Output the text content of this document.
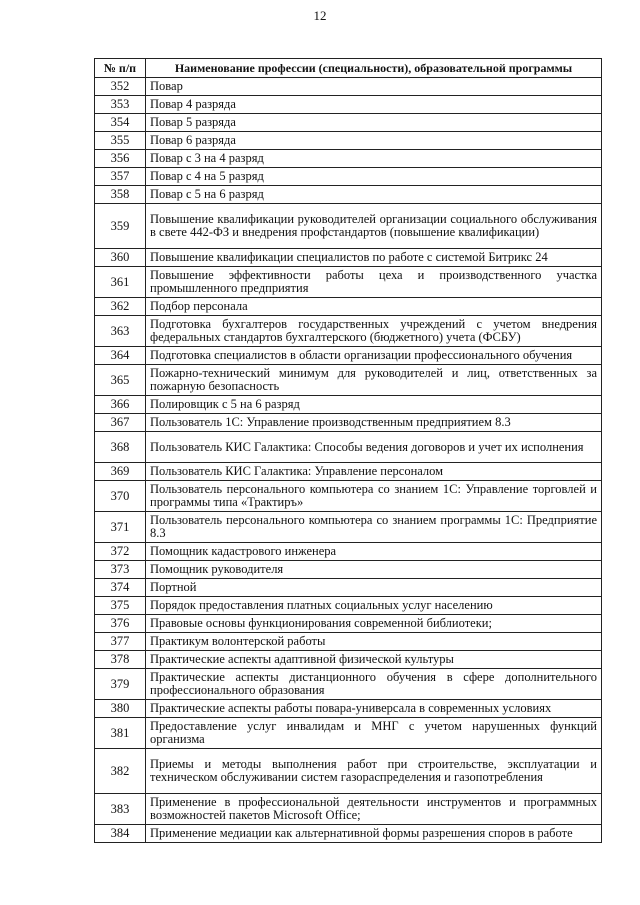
12
№ п/п	Наименование профессии (специальности), образовательной программы
352	Повар
353	Повар 4 разряда
354	Повар 5 разряда
355	Повар 6 разряда
356	Повар с 3 на 4 разряд
357	Повар с 4 на 5 разряд
358	Повар с 5 на 6 разряд
359	Повышение квалификации руководителей организации социального обслуживания в свете 442-ФЗ и внедрения профстандартов (повышение квалификации)
360	Повышение квалификации специалистов по работе с системой Битрикс 24
361	Повышение эффективности работы цеха и производственного участка промышленного предприятия
362	Подбор персонала
363	Подготовка бухгалтеров государственных учреждений с учетом внедрения федеральных стандартов бухгалтерского (бюджетного) учета (ФСБУ)
364	Подготовка специалистов в области организации профессионального обучения
365	Пожарно-технический минимум для руководителей и лиц, ответственных за пожарную безопасность
366	Полировщик с 5 на 6 разряд
367	Пользователь 1С: Управление производственным предприятием 8.3
368	Пользователь КИС Галактика: Способы ведения договоров и учет их исполнения
369	Пользователь КИС Галактика: Управление персоналом
370	Пользователь персонального компьютера со знанием 1С: Управление торговлей и программы типа «Трактиръ»
371	Пользователь персонального компьютера со знанием программы 1С: Предприятие 8.3
372	Помощник кадастрового инженера
373	Помощник руководителя
374	Портной
375	Порядок предоставления платных социальных услуг населению
376	Правовые основы функционирования современной библиотеки;
377	Практикум волонтерской работы
378	Практические аспекты адаптивной физической культуры
379	Практические аспекты дистанционного обучения в сфере дополнительного профессионального образования
380	Практические аспекты работы повара-универсала в современных условиях
381	Предоставление услуг инвалидам и МНГ с учетом нарушенных функций организма
382	Приемы и методы выполнения работ при строительстве, эксплуатации и техническом обслуживании систем газораспределения и газопотребления
383	Применение в профессиональной деятельности инструментов и программных возможностей пакетов Microsoft Office;
384	Применение медиации как альтернативной формы разрешения споров в работе
